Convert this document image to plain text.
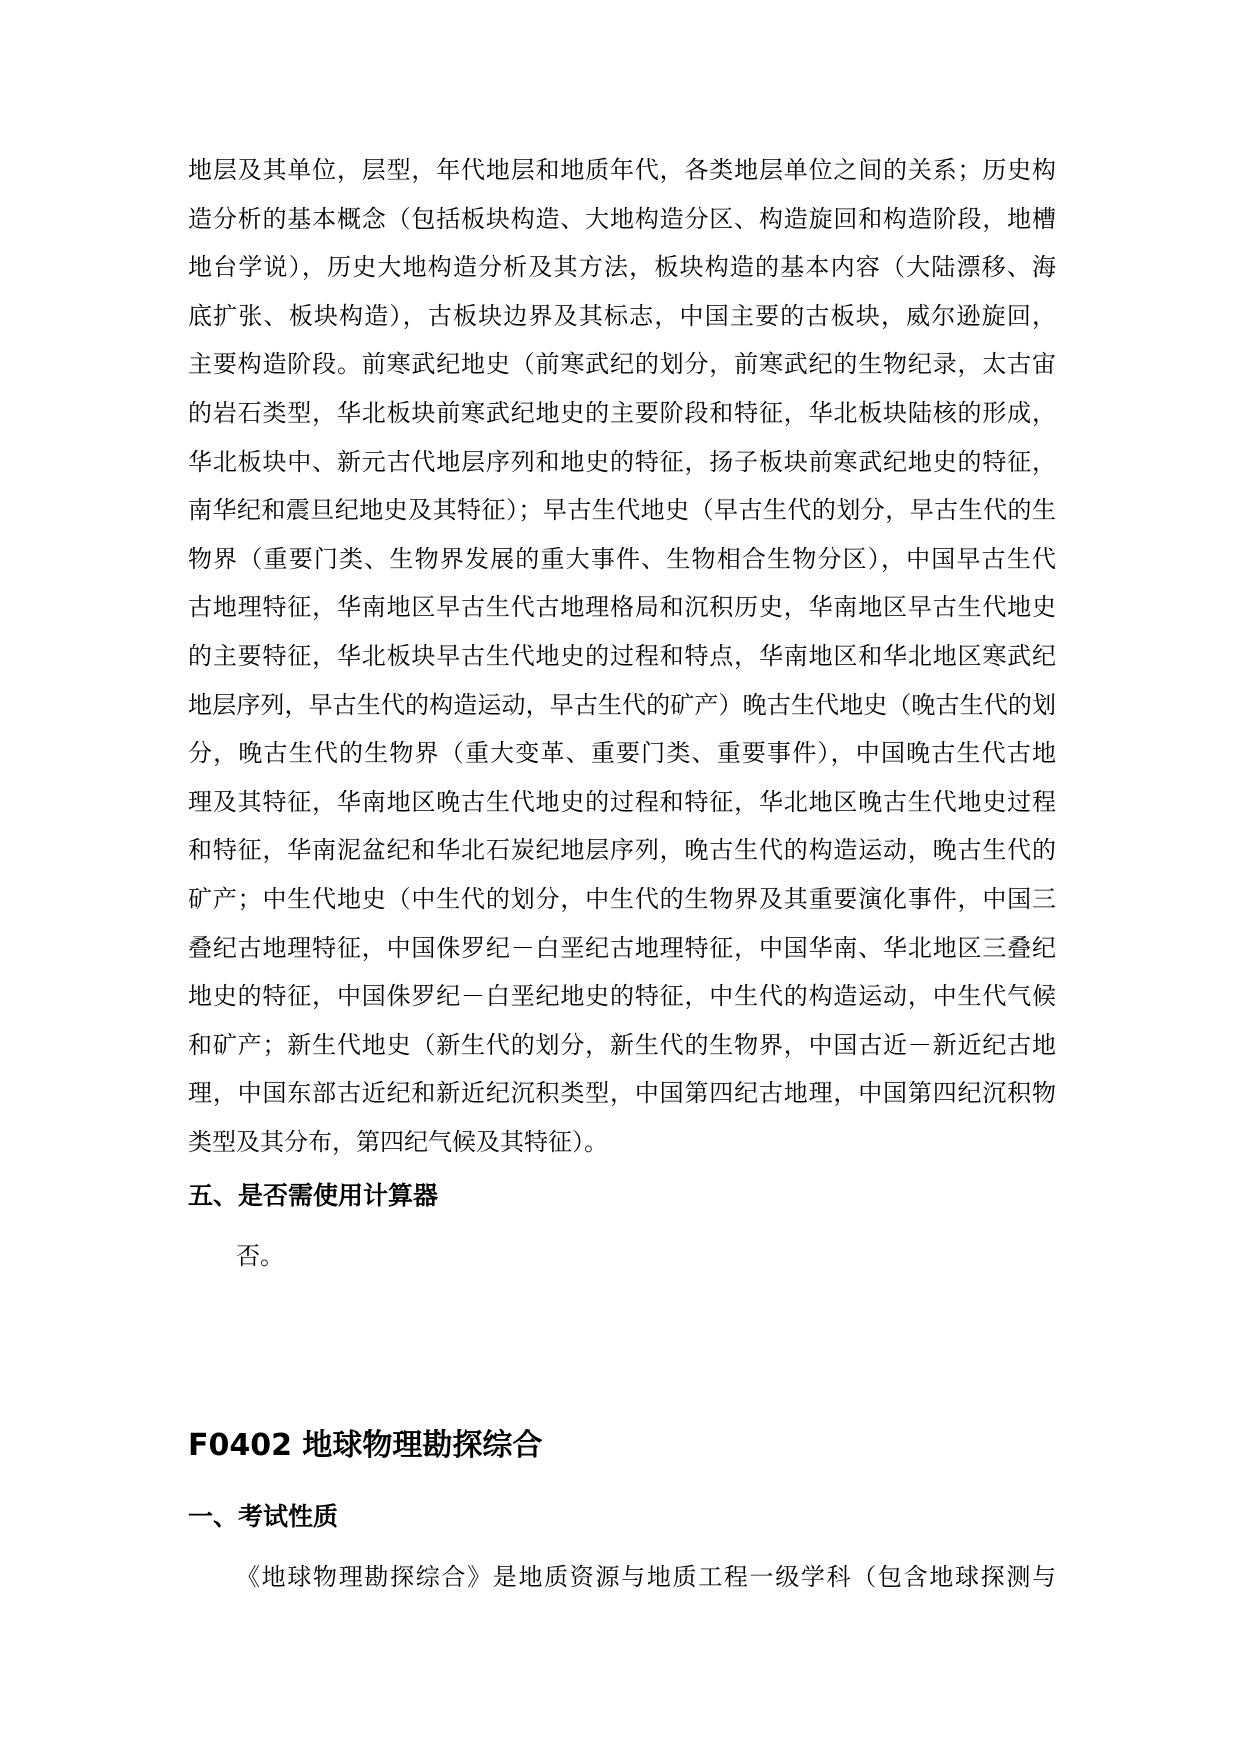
地层及其单位，层型，年代地层和地质年代，各类地层单位之间的关系；历史构
造分析的基本概念（包括板块构造、大地构造分区、构造旋回和构造阶段，地槽
地台学说），历史大地构造分析及其方法，板块构造的基本内容（大陆漂移、海
底扩张、板块构造），古板块边界及其标志，中国主要的古板块，威尔逊旋回，
主要构造阶段。前寒武纪地史（前寒武纪的划分，前寒武纪的生物纪录，太古宙
的岩石类型，华北板块前寒武纪地史的主要阶段和特征，华北板块陆核的形成，
华北板块中、新元古代地层序列和地史的特征，扬子板块前寒武纪地史的特征，
南华纪和震旦纪地史及其特征）；早古生代地史（早古生代的划分，早古生代的生
物界（重要门类、生物界发展的重大事件、生物相合生物分区），中国早古生代
古地理特征，华南地区早古生代古地理格局和沉积历史，华南地区早古生代地史
的主要特征，华北板块早古生代地史的过程和特点，华南地区和华北地区寒武纪
地层序列，早古生代的构造运动，早古生代的矿产）晚古生代地史（晚古生代的划
分，晚古生代的生物界（重大变革、重要门类、重要事件），中国晚古生代古地
理及其特征，华南地区晚古生代地史的过程和特征，华北地区晚古生代地史过程
和特征，华南泥盆纪和华北石炭纪地层序列，晚古生代的构造运动，晚古生代的
矿产；中生代地史（中生代的划分，中生代的生物界及其重要演化事件，中国三
叠纪古地理特征，中国侏罗纪－白垩纪古地理特征，中国华南、华北地区三叠纪
地史的特征，中国侏罗纪－白垩纪地史的特征，中生代的构造运动，中生代气候
和矿产；新生代地史（新生代的划分，新生代的生物界，中国古近－新近纪古地
理，中国东部古近纪和新近纪沉积类型，中国第四纪古地理，中国第四纪沉积物
类型及其分布，第四纪气候及其特征）。
五、是否需使用计算器
否。
F0402 地球物理勘探综合
一、考试性质
《地球物理勘探综合》是地质资源与地质工程一级学科（包含地球探测与
